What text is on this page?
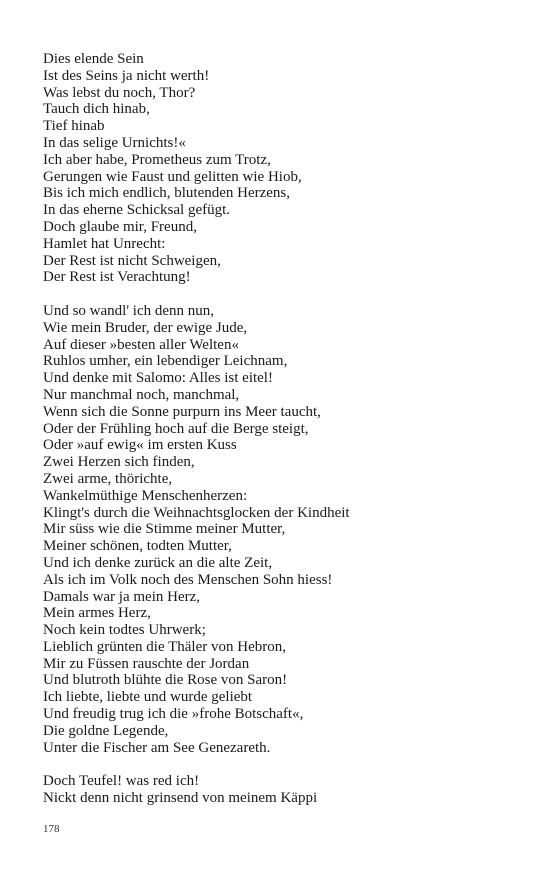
Dies elende Sein
Ist des Seins ja nicht werth!
Was lebst du noch, Thor?
Tauch dich hinab,
Tief hinab
In das selige Urnichts!«
Ich aber habe, Prometheus zum Trotz,
Gerungen wie Faust und gelitten wie Hiob,
Bis ich mich endlich, blutenden Herzens,
In das eherne Schicksal gefügt.
Doch glaube mir, Freund,
Hamlet hat Unrecht:
Der Rest ist nicht Schweigen,
Der Rest ist Verachtung!
Und so wandl' ich denn nun,
Wie mein Bruder, der ewige Jude,
Auf dieser »besten aller Welten«
Ruhlos umher, ein lebendiger Leichnam,
Und denke mit Salomo: Alles ist eitel!
Nur manchmal noch, manchmal,
Wenn sich die Sonne purpurn ins Meer taucht,
Oder der Frühling hoch auf die Berge steigt,
Oder »auf ewig« im ersten Kuss
Zwei Herzen sich finden,
Zwei arme, thörichte,
Wankelmüthige Menschenherzen:
Klingt's durch die Weihnachtsglocken der Kindheit
Mir süss wie die Stimme meiner Mutter,
Meiner schönen, todten Mutter,
Und ich denke zurück an die alte Zeit,
Als ich im Volk noch des Menschen Sohn hiess!
Damals war ja mein Herz,
Mein armes Herz,
Noch kein todtes Uhrwerk;
Lieblich grünten die Thäler von Hebron,
Mir zu Füssen rauschte der Jordan
Und blutroth blühte die Rose von Saron!
Ich liebte, liebte und wurde geliebt
Und freudig trug ich die »frohe Botschaft«,
Die goldne Legende,
Unter die Fischer am See Genezareth.
Doch Teufel! was red ich!
Nickt denn nicht grinsend von meinem Käppi
178
